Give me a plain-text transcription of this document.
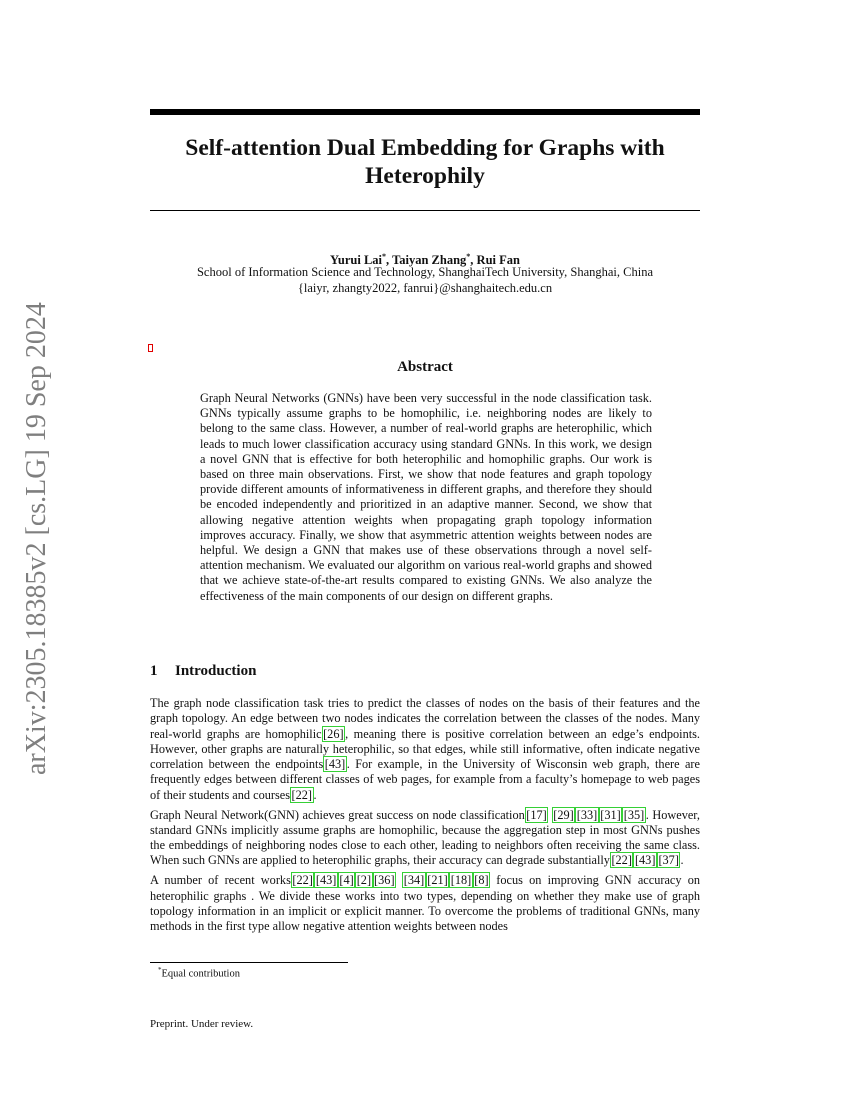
arXiv:2305.18385v2 [cs.LG] 19 Sep 2024
Self-attention Dual Embedding for Graphs with Heterophily
Yurui Lai*, Taiyan Zhang*, Rui Fan
School of Information Science and Technology, ShanghaiTech University, Shanghai, China
{laiyr, zhangty2022, fanrui}@shanghaitech.edu.cn
Abstract

Graph Neural Networks (GNNs) have been very successful in the node classification task. GNNs typically assume graphs to be homophilic, i.e. neighboring nodes are likely to belong to the same class. However, a number of real-world graphs are heterophilic, which leads to much lower classification accuracy using standard GNNs. In this work, we design a novel GNN that is effective for both heterophilic and homophilic graphs. Our work is based on three main observations. First, we show that node features and graph topology provide different amounts of informativeness in different graphs, and therefore they should be encoded independently and prioritized in an adaptive manner. Second, we show that allowing negative attention weights when propagating graph topology information improves accuracy. Finally, we show that asymmetric attention weights between nodes are helpful. We design a GNN that makes use of these observations through a novel self-attention mechanism. We evaluated our algorithm on various real-world graphs and showed that we achieve state-of-the-art results compared to existing GNNs. We also analyze the effectiveness of the main components of our design on different graphs.

1 Introduction

The graph node classification task tries to predict the classes of nodes on the basis of their features and the graph topology. An edge between two nodes indicates the correlation between the classes of the nodes. Many real-world graphs are homophilic [26] , meaning there is positive correlation between an edge’s endpoints. However, other graphs are naturally heterophilic, so that edges, while still informative, often indicate negative correlation between the endpoints [43] . For example, in the University of Wisconsin web graph, there are frequently edges between different classes of web pages, for example from a faculty’s homepage to web pages of their students and courses [22] .

Graph Neural Network(GNN) achieves great success on node classification [17] [29] [33] [31] [35] . However, standard GNNs implicitly assume graphs are homophilic, because the aggregation step in most GNNs pushes the embeddings of neighboring nodes close to each other, leading to neighbors often receiving the same class. When such GNNs are applied to heterophilic graphs, their accuracy can degrade substantially [22] [43] [37] .

A number of recent works [22] [43] [4] [2] [36] [34] [21] [18] [8] focus on improving GNN accuracy on heterophilic graphs . We divide these works into two types, depending on whether they make use of graph topology information in an implicit or explicit manner. To overcome the problems of traditional GNNs, many methods in the first type allow negative attention weights between nodes

*Equal contribution
Preprint. Under review.
